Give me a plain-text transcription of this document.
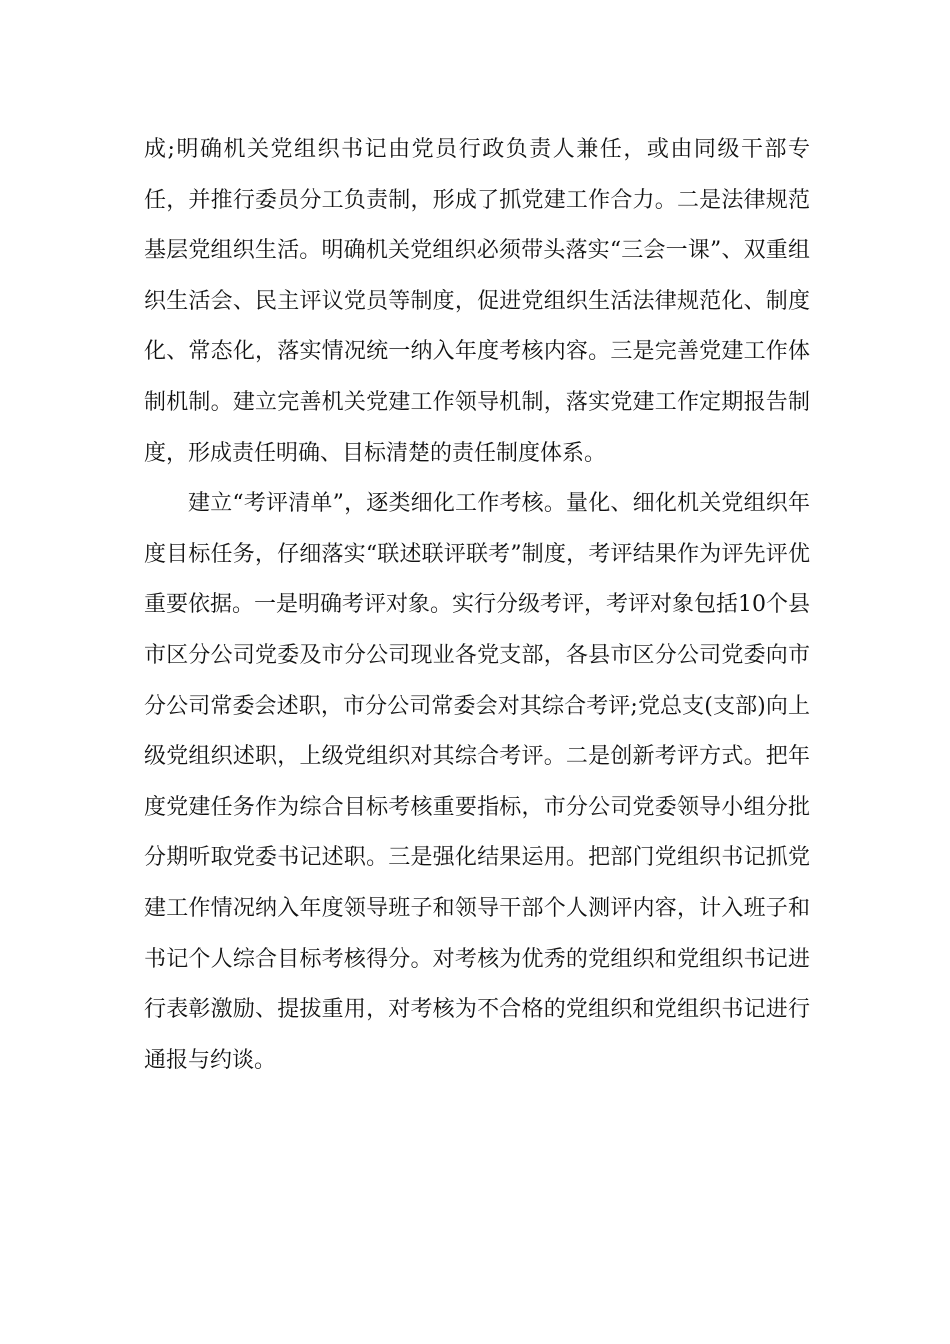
成;明确机关党组织书记由党员行政负责人兼任，或由同级干部专任，并推行委员分工负责制，形成了抓党建工作合力。二是法律规范基层党组织生活。明确机关党组织必须带头落实“三会一课”、双重组织生活会、民主评议党员等制度，促进党组织生活法律规范化、制度化、常态化，落实情况统一纳入年度考核内容。三是完善党建工作体制机制。建立完善机关党建工作领导机制，落实党建工作定期报告制度，形成责任明确、目标清楚的责任制度体系。

建立“考评清单”，逐类细化工作考核。量化、细化机关党组织年度目标任务，仔细落实“联述联评联考”制度，考评结果作为评先评优重要依据。一是明确考评对象。实行分级考评，考评对象包括10个县市区分公司党委及市分公司现业各党支部，各县市区分公司党委向市分公司常委会述职，市分公司常委会对其综合考评;党总支(支部)向上级党组织述职，上级党组织对其综合考评。二是创新考评方式。把年度党建任务作为综合目标考核重要指标，市分公司党委领导小组分批分期听取党委书记述职。三是强化结果运用。把部门党组织书记抓党建工作情况纳入年度领导班子和领导干部个人测评内容，计入班子和书记个人综合目标考核得分。对考核为优秀的党组织和党组织书记进行表彰激励、提拔重用，对考核为不合格的党组织和党组织书记进行通报与约谈。
